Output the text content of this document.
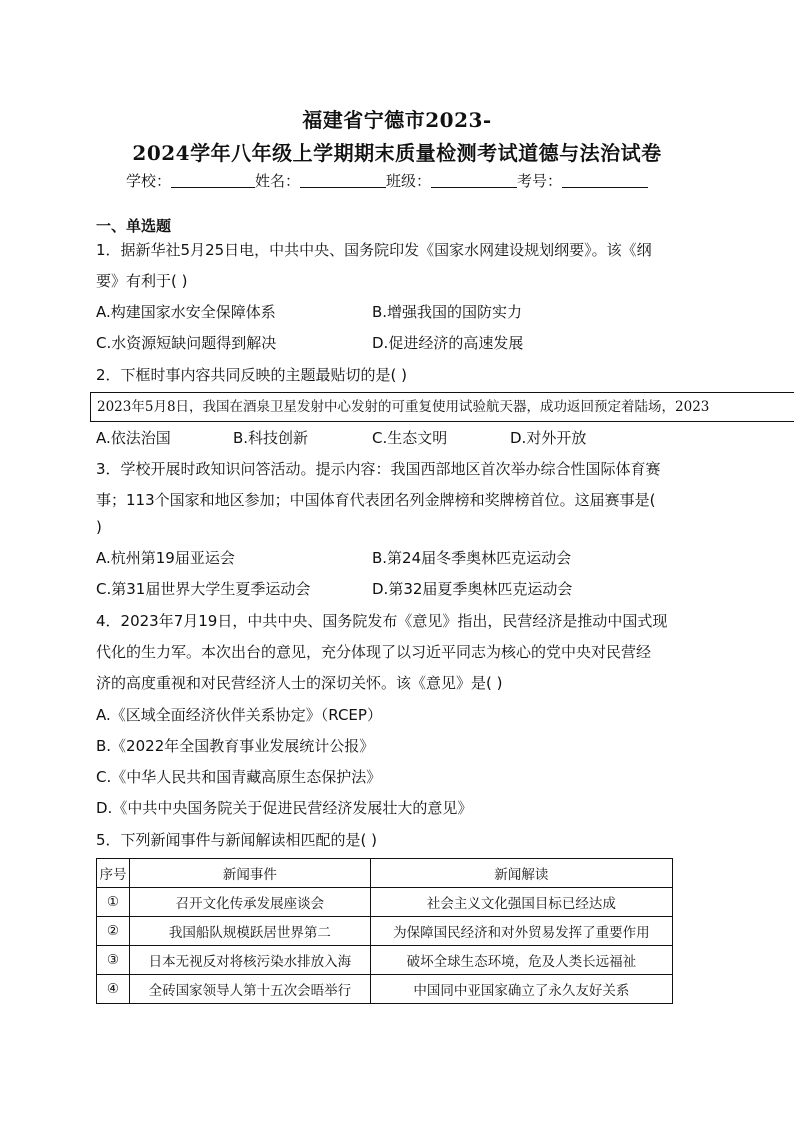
福建省宁德市2023-
2024学年八年级上学期期末质量检测考试道德与法治试卷
学校：	姓名：	班级：	考号：
一、单选题
1．据新华社5月25日电，中共中央、国务院印发《国家水网建设规划纲要》。该《纲
要》有利于( )
A.构建国家水安全保障体系	B.增强我国的国防实力
C.水资源短缺问题得到解决	D.促进经济的高速发展
2．下框时事内容共同反映的主题最贴切的是( )
2023年5月8日，我国在酒泉卫星发射中心发射的可重复使用试验航天器，成功返回预定着陆场，2023
A.依法治国	B.科技创新	C.生态文明	D.对外开放
3．学校开展时政知识问答活动。提示内容：我国西部地区首次举办综合性国际体育赛
事；113个国家和地区参加；中国体育代表团名列金牌榜和奖牌榜首位。这届赛事是(
)
A.杭州第19届亚运会	B.第24届冬季奥林匹克运动会
C.第31届世界大学生夏季运动会	D.第32届夏季奥林匹克运动会
4．2023年7月19日，中共中央、国务院发布《意见》指出，民营经济是推动中国式现
代化的生力军。本次出台的意见，充分体现了以习近平同志为核心的党中央对民营经
济的高度重视和对民营经济人士的深切关怀。该《意见》是( )
A.《区域全面经济伙伴关系协定》（RCEP）
B.《2022年全国教育事业发展统计公报》
C.《中华人民共和国青藏高原生态保护法》
D.《中共中央国务院关于促进民营经济发展壮大的意见》
5．下列新闻事件与新闻解读相匹配的是( )
序号	新闻事件	新闻解读
①	召开文化传承发展座谈会	社会主义文化强国目标已经达成
②	我国船队规模跃居世界第二	为保障国民经济和对外贸易发挥了重要作用
③	日本无视反对将核污染水排放入海	破坏全球生态环境，危及人类长远福祉
④	全砖国家领导人第十五次会晤举行	中国同中亚国家确立了永久友好关系
